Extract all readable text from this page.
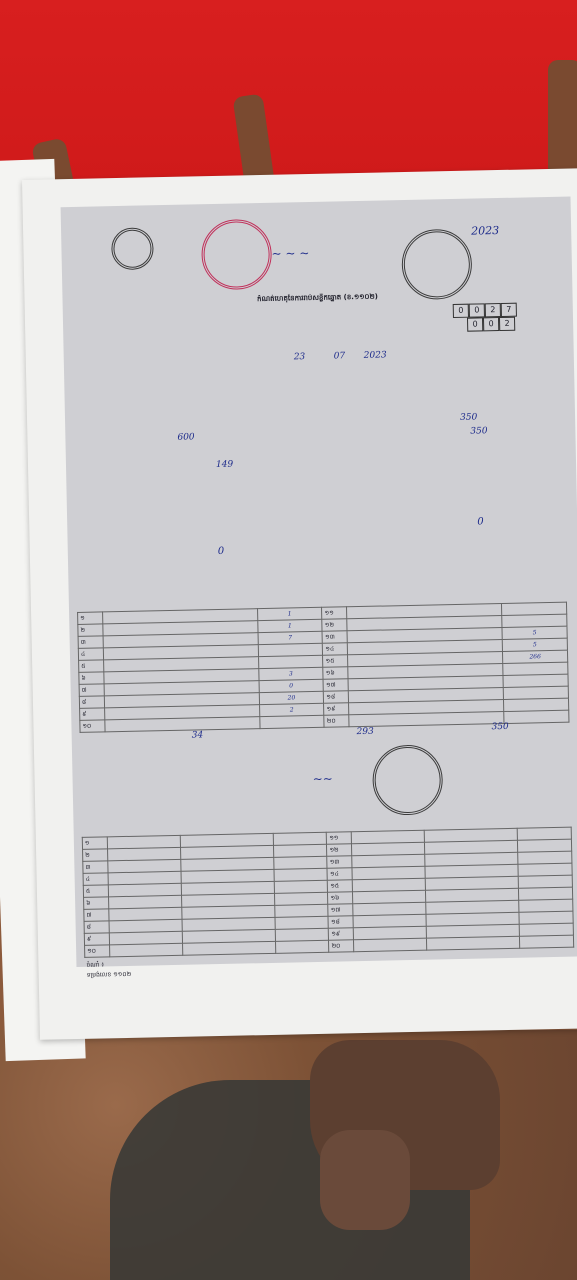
~ ~ ~
2023
កំណត់ហេតុនៃការរាប់សន្លឹកឆ្នោត (ខ.១១០២)
0 0 2 7
0 0 2
23	07 2023
350
600
350
149
0
0
១		1	១១		
២		1	១២		
៣		7	១៣		5
៤			១៤		5
៥			១៥		266
៦		3	១៦		
៧		0	១៧		
៨		20	១៨		
៩		2	១៩		
១០			២០		
34	293	350
~~
១				១១			
២				១២			
៣				១៣			
៤				១៤			
៥				១៥			
៦				១៦			
៧				១៧			
៨				១៨			
៩				១៩			
១០				២០			
ចំណាំ ៖
ទម្រង់លេខ ១១០២
